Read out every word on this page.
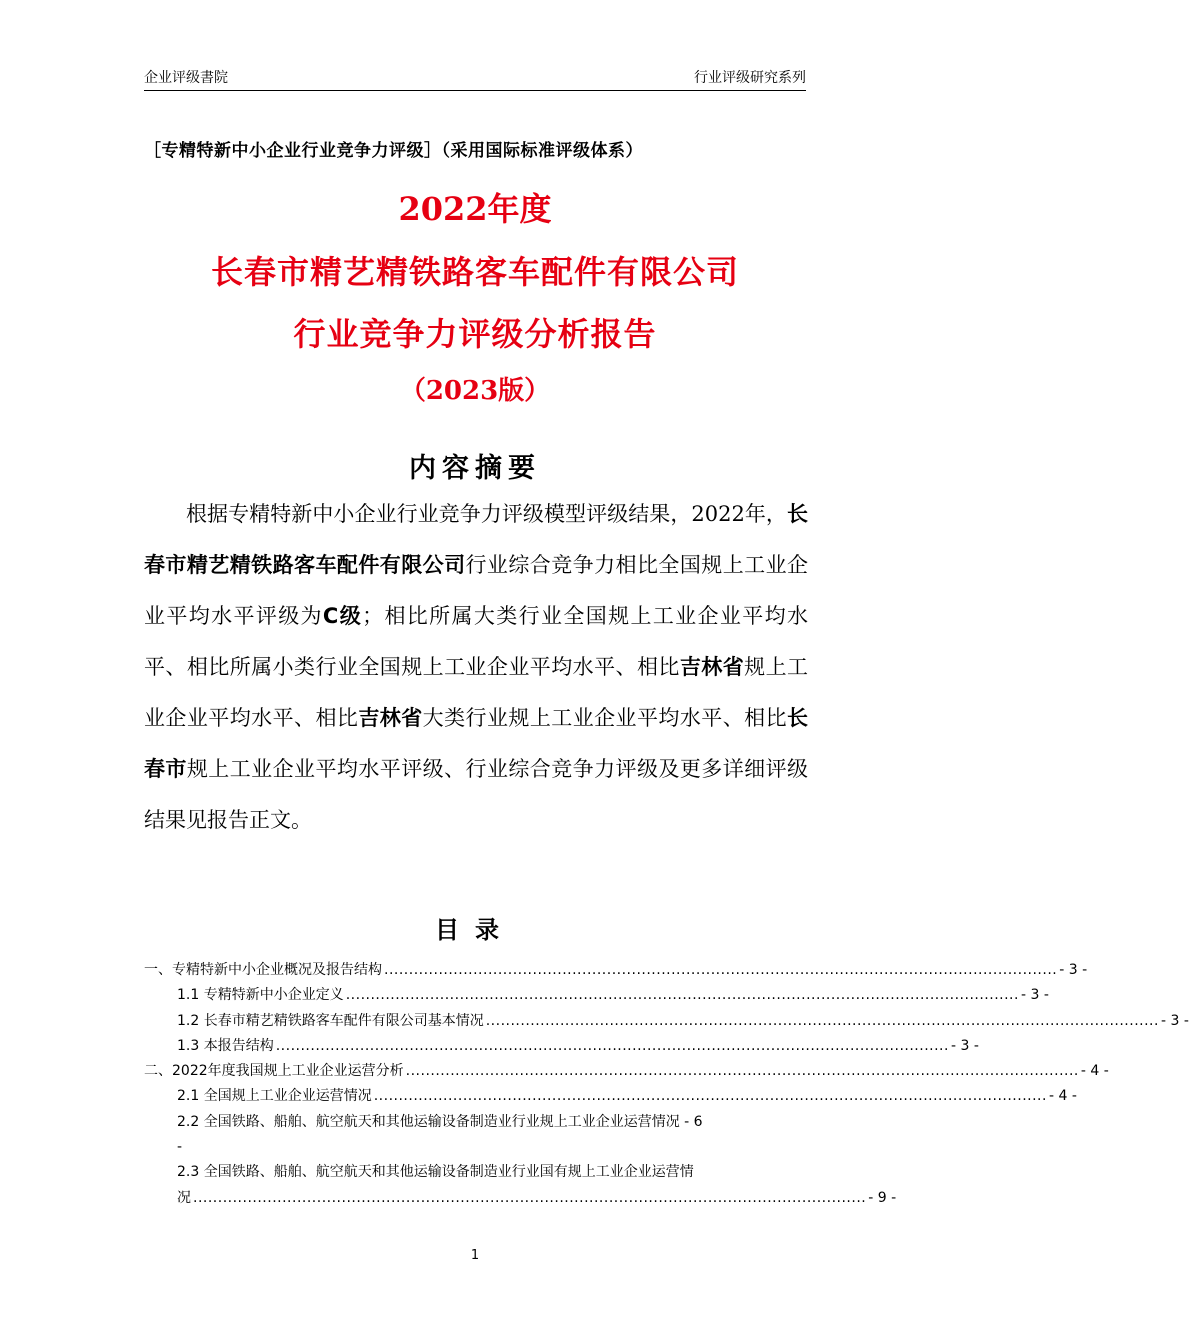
企业评级書院	行业评级研究系列
［专精特新中小企业行业竞争力评级］（采用国际标准评级体系）
2022年度
长春市精艺精铁路客车配件有限公司
行业竞争力评级分析报告
（2023版）
内容摘要
根据专精特新中小企业行业竞争力评级模型评级结果，2022年，长春市精艺精铁路客车配件有限公司行业综合竞争力相比全国规上工业企业平均水平评级为C级；相比所属大类行业全国规上工业企业平均水平、相比所属小类行业全国规上工业企业平均水平、相比吉林省规上工业企业平均水平、相比吉林省大类行业规上工业企业平均水平、相比长春市规上工业企业平均水平评级、行业综合竞争力评级及更多详细评级结果见报告正文。
目录
一、专精特新中小企业概况及报告结构 ........................................................................................................................................ - 3 -
1.1 专精特新中小企业定义 ........................................................................................................................................ - 3 -
1.2 长春市精艺精铁路客车配件有限公司基本情况 ........................................................................................................................................ - 3 -
1.3 本报告结构 ........................................................................................................................................ - 3 -
二、2022年度我国规上工业企业运营分析 ........................................................................................................................................ - 4 -
2.1 全国规上工业企业运营情况 ........................................................................................................................................ - 4 -
2.2 全国铁路、船舶、航空航天和其他运输设备制造业行业规上工业企业运营情况 - 6
-
2.3 全国铁路、船舶、航空航天和其他运输设备制造业行业国有规上工业企业运营情
况 ........................................................................................................................................ - 9 -
1
